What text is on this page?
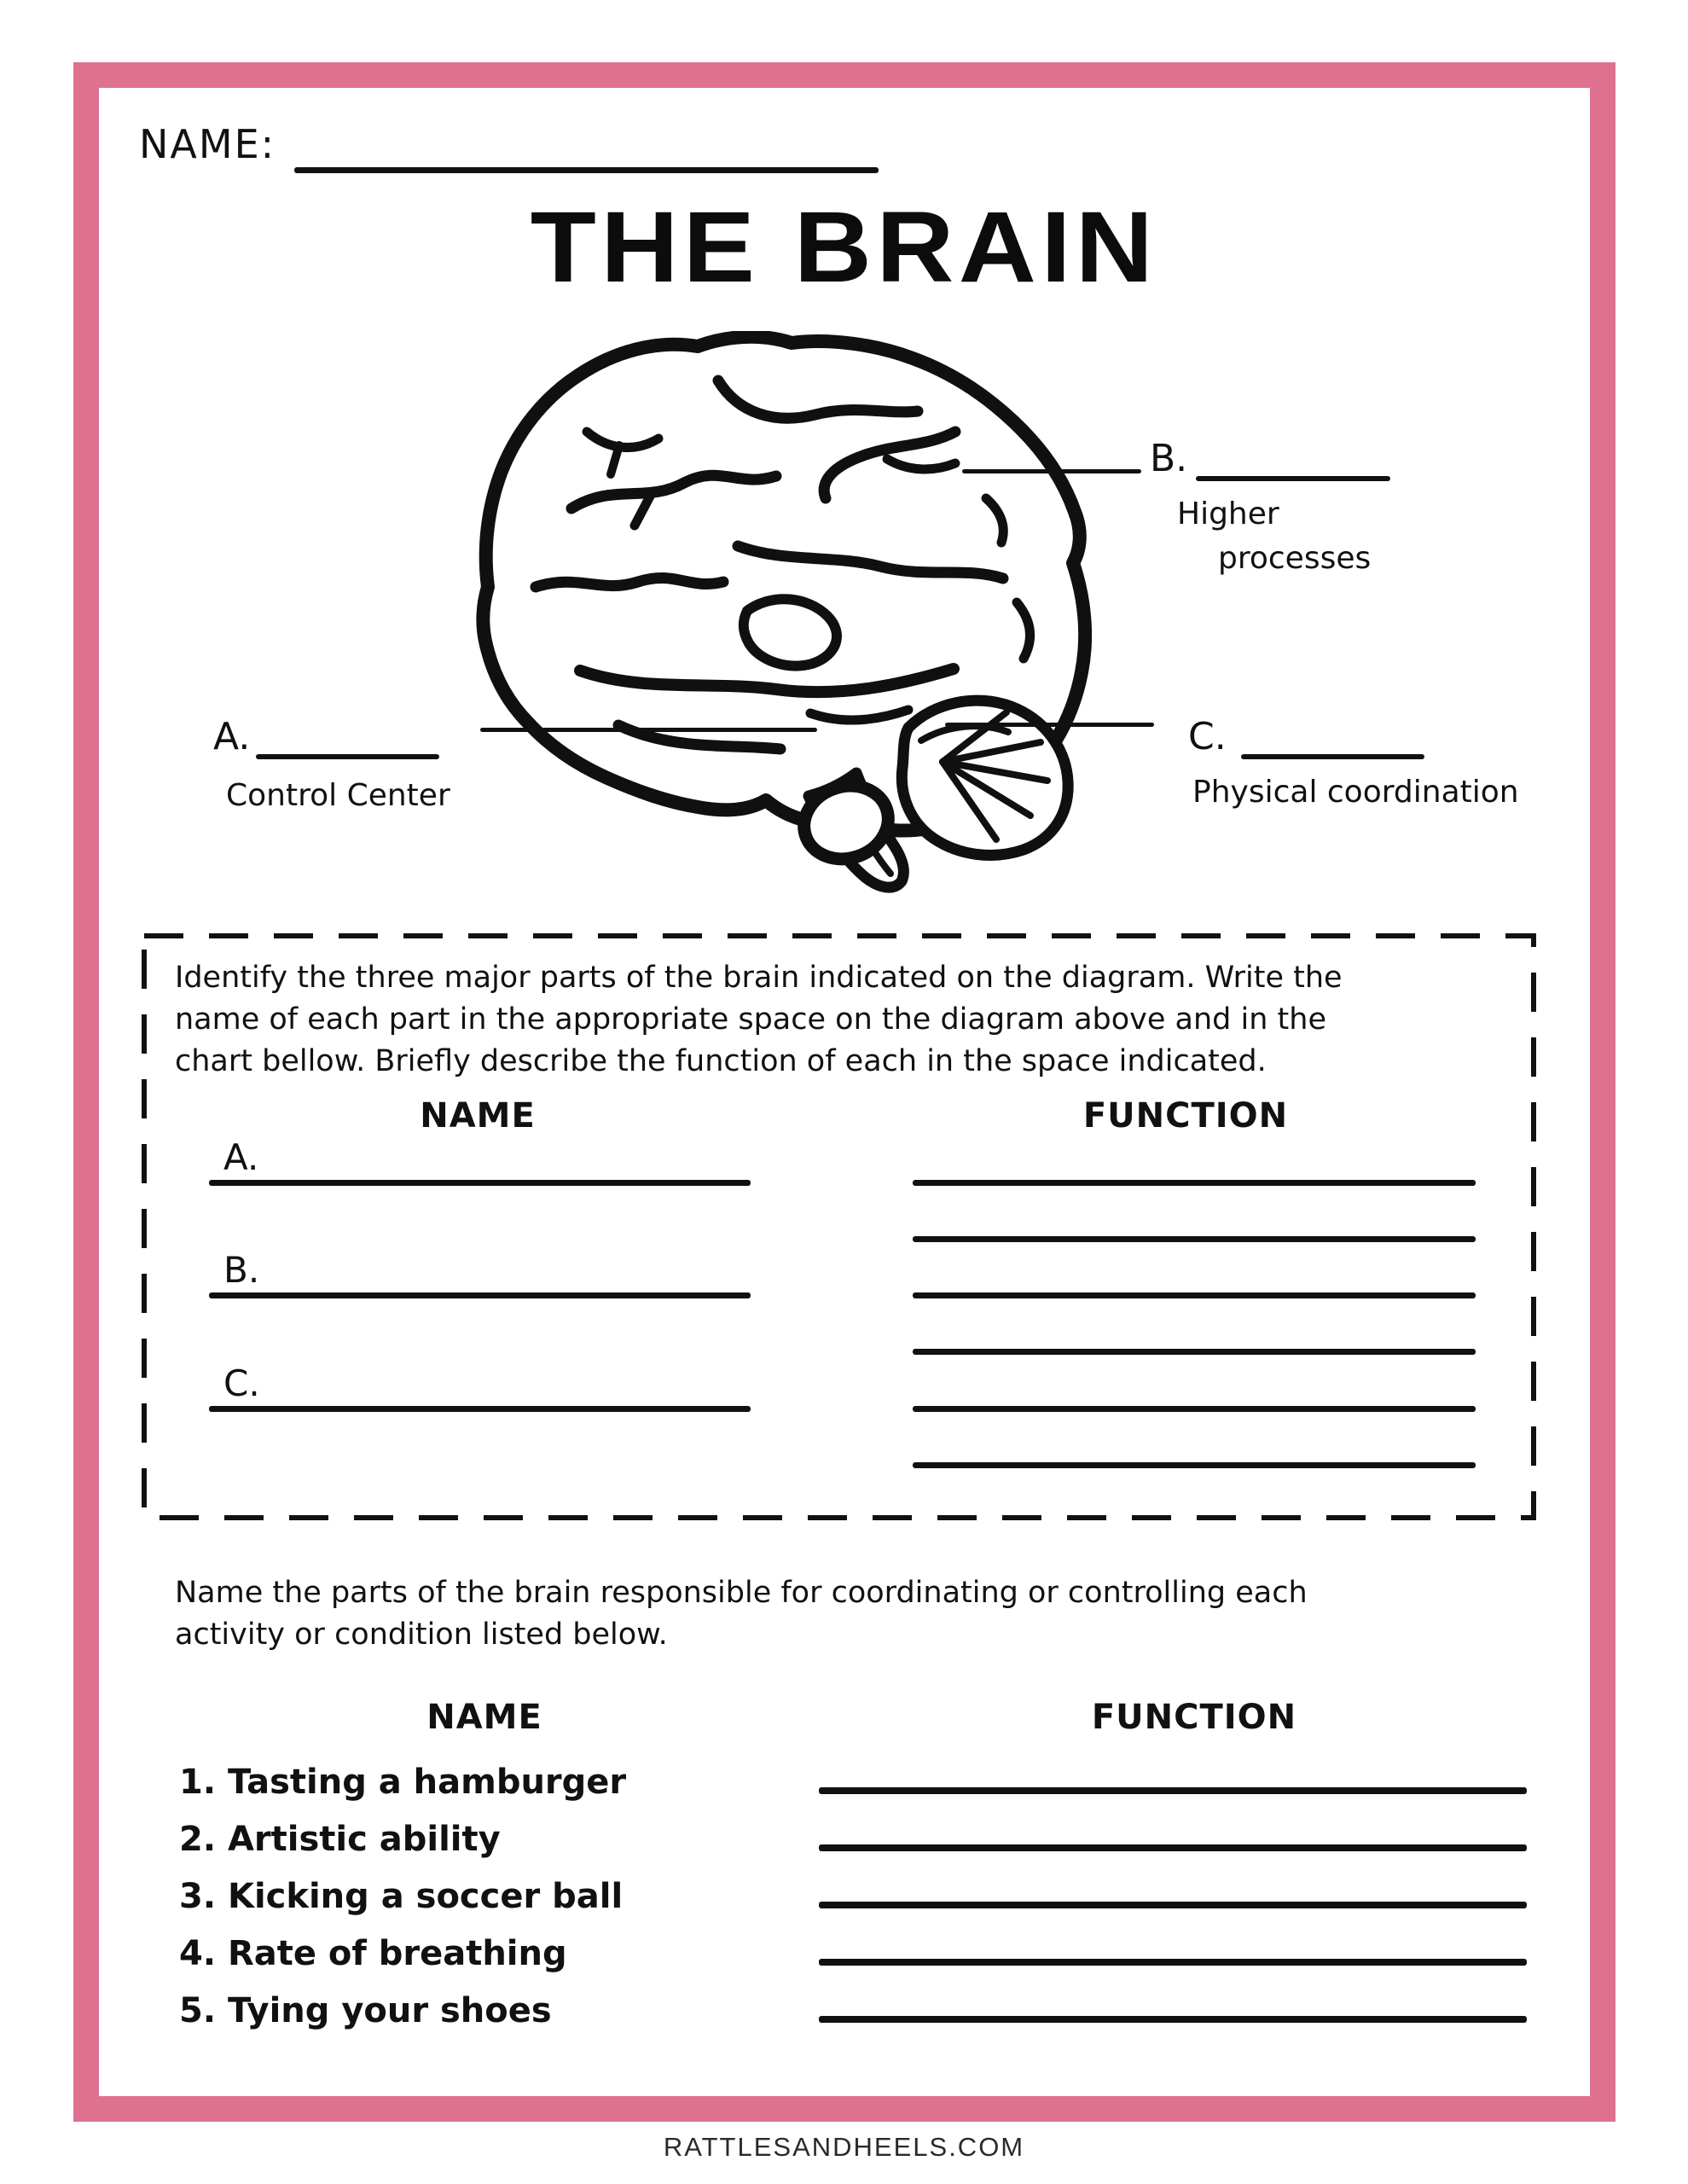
NAME:
THE BRAIN
A.
Control Center
B.
Higher
processes
C.
Physical coordination
Identify the three major parts of the brain indicated on the diagram. Write the
name of each part in the appropriate space on the diagram above and in the
chart bellow. Briefly describe the function of each in the space indicated.
NAME	FUNCTION
A.
B.
C.
Name the parts of the brain responsible for coordinating or controlling each
activity or condition listed below.
NAME	FUNCTION
1. Tasting a hamburger
2. Artistic ability
3. Kicking a soccer ball
4. Rate of breathing
5. Tying your shoes
RATTLESANDHEELS.COM
